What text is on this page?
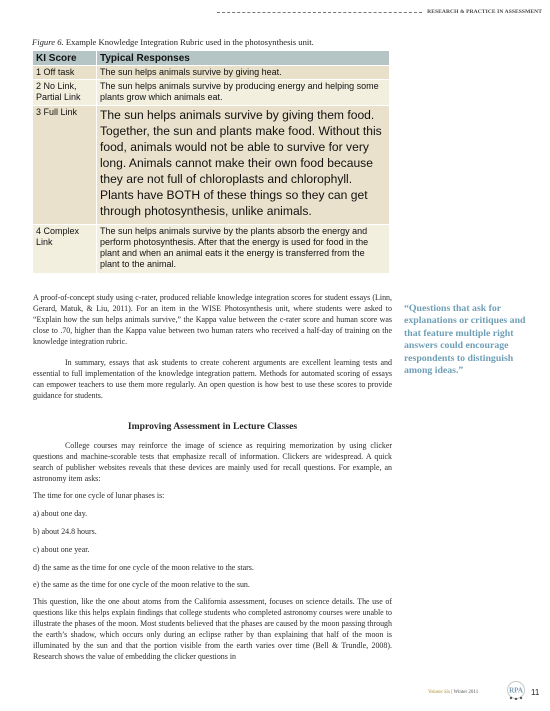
RESEARCH & PRACTICE IN ASSESSMENT
Figure 6. Example Knowledge Integration Rubric used in the photosynthesis unit.
KI Score	Typical Responses
1 Off task	The sun helps animals survive by giving heat.
2 No Link, Partial Link	The sun helps animals survive by producing energy and helping some plants grow which animals eat.
3 Full Link	The sun helps animals survive by giving them food. Together, the sun and plants make food. Without this food, animals would not be able to survive for very long. Animals cannot make their own food because they are not full of chloroplasts and chlorophyll. Plants have BOTH of these things so they can get through photosynthesis, unlike animals.
4 Complex Link	The sun helps animals survive by the plants absorb the energy and perform photosynthesis. After that the energy is used for food in the plant and when an animal eats it the energy is transferred from the plant to the animal.

A proof-of-concept study using c-rater, produced reliable knowledge integration scores for student essays (Linn, Gerard, Matuk, & Liu, 2011). For an item in the WISE Photosynthesis unit, where students were asked to “Explain how the sun helps animals survive,” the Kappa value between the c-rater score and human score was close to .70, higher than the Kappa value between two human raters who received a half-day of training on the knowledge integration rubric.

In summary, essays that ask students to create coherent arguments are excellent learning tests and essential to full implementation of the knowledge integration pattern. Methods for automated scoring of essays can empower teachers to use them more regularly. An open question is how best to use these scores to provide guidance for students.

Improving Assessment in Lecture Classes

College courses may reinforce the image of science as requiring memorization by using clicker questions and machine-scorable tests that emphasize recall of information. Clickers are widespread. A quick search of publisher websites reveals that these devices are mainly used for recall questions. For example, an astronomy item asks:

The time for one cycle of lunar phases is:

a) about one day.
b) about 24.8 hours.
c) about one year.
d) the same as the time for one cycle of the moon relative to the stars.
e) the same as the time for one cycle of the moon relative to the sun.

This question, like the one about atoms from the California assessment, focuses on science details. The use of questions like this helps explain findings that college students who completed astronomy courses were unable to illustrate the phases of the moon. Most students believed that the phases are caused by the moon passing through the earth’s shadow, which occurs only during an eclipse rather by than explaining that half of the moon is illuminated by the sun and that the portion visible from the earth varies over time (Bell & Trundle, 2008). Research shows the value of embedding the clicker questions in

“Questions that ask for explanations or critiques and that feature multiple right answers could encourage respondents to distinguish among ideas.”
Volume Six | Winter 2011	RPA 11
